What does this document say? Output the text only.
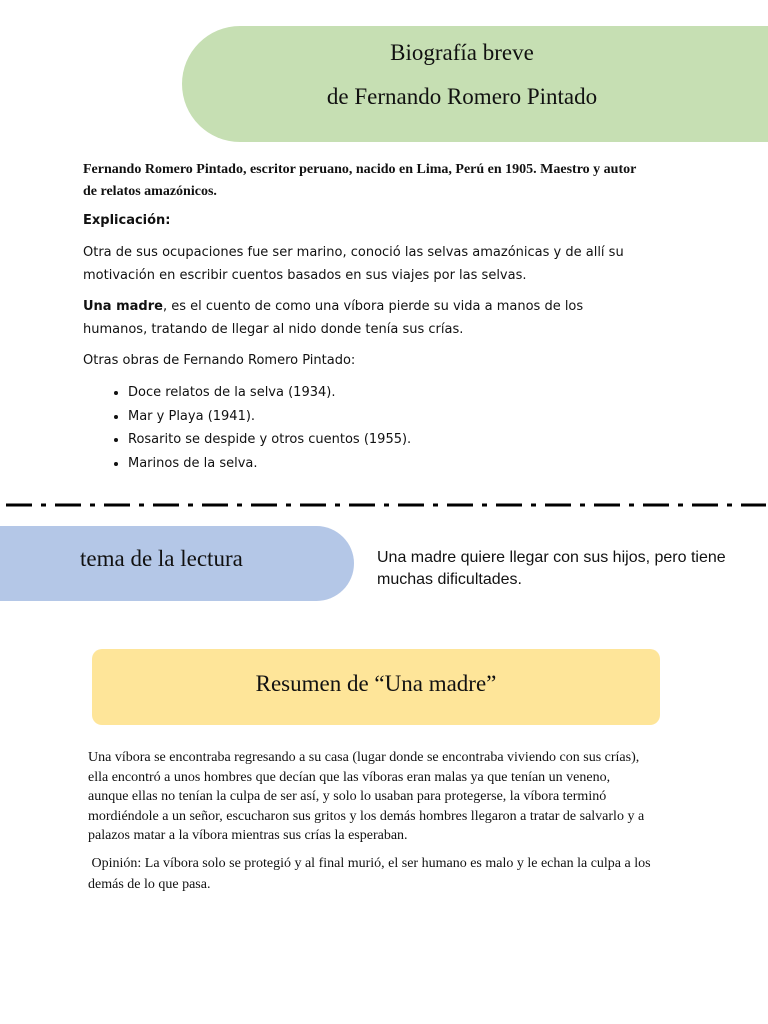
Biografía breve
de Fernando Romero Pintado
Fernando Romero Pintado, escritor peruano, nacido en Lima, Perú en 1905. Maestro y autor de relatos amazónicos.
Explicación:
Otra de sus ocupaciones fue ser marino, conoció las selvas amazónicas y de allí su motivación en escribir cuentos basados en sus viajes por las selvas.
Una madre, es el cuento de como una víbora pierde su vida a manos de los humanos, tratando de llegar al nido donde tenía sus crías.
Otras obras de Fernando Romero Pintado:
• Doce relatos de la selva (1934).
• Mar y Playa (1941).
• Rosarito se despide y otros cuentos (1955).
• Marinos de la selva.
tema de la lectura	Una madre quiere llegar con sus hijos, pero tiene muchas dificultades.
Resumen de “Una madre”
Una víbora se encontraba regresando a su casa (lugar donde se encontraba viviendo con sus crías), ella encontró a unos hombres que decían que las víboras eran malas ya que tenían un veneno, aunque ellas no tenían la culpa de ser así, y solo lo usaban para protegerse, la víbora terminó mordiéndole a un señor, escucharon sus gritos y los demás hombres llegaron a tratar de salvarlo y a palazos matar a la víbora mientras sus crías la esperaban.
Opinión: La víbora solo se protegió y al final murió, el ser humano es malo y le echan la culpa a los demás de lo que pasa.
